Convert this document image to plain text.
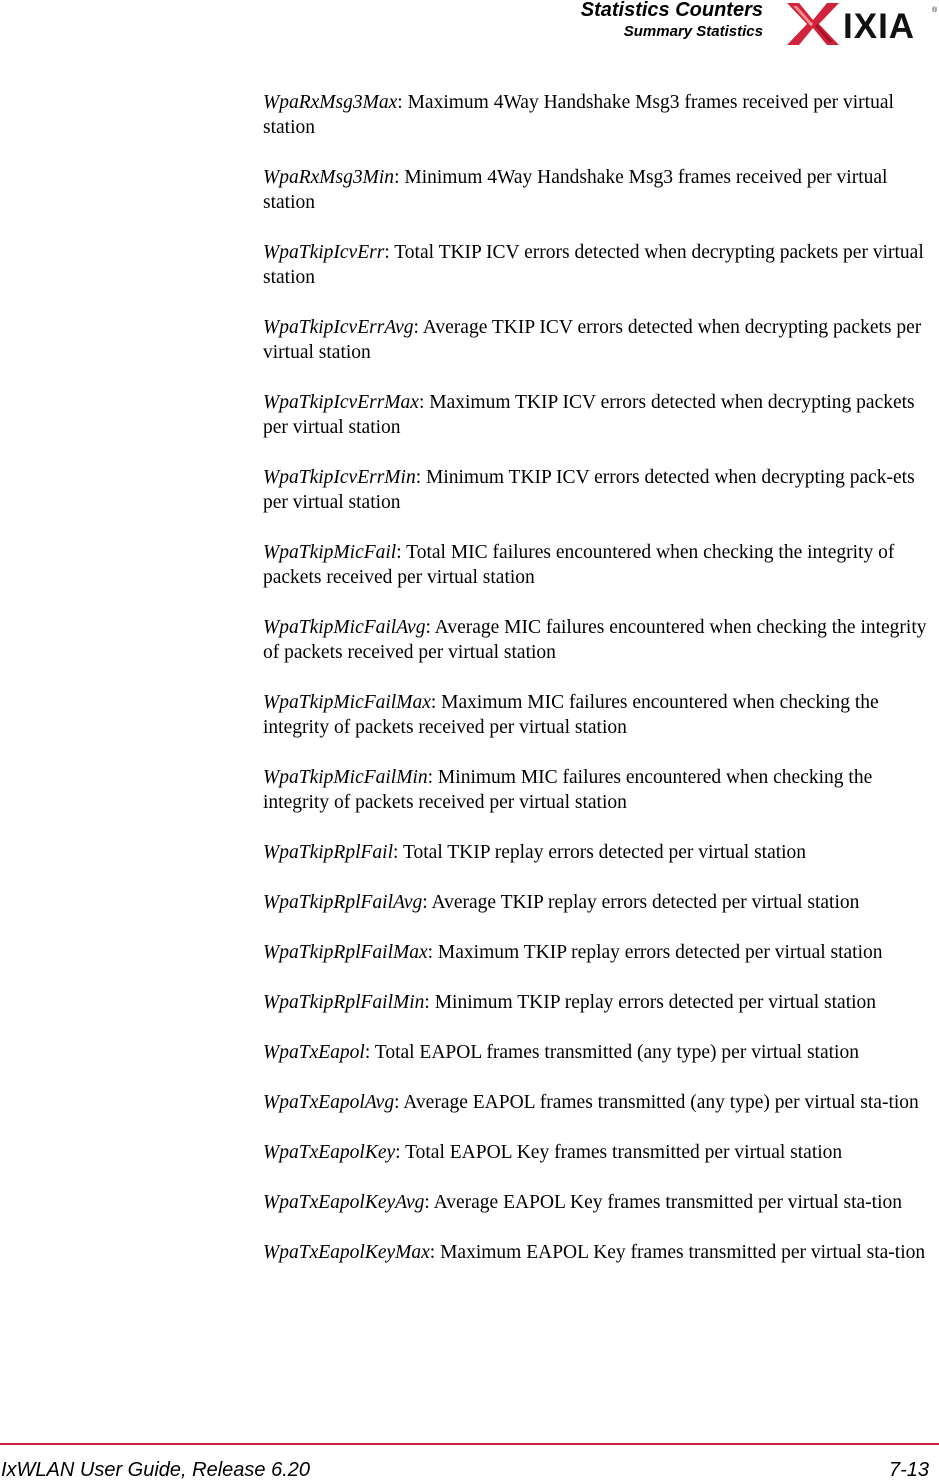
Statistics Counters
Summary Statistics IXIA ®

WpaRxMsg3Max: Maximum 4Way Handshake Msg3 frames received per virtual station

WpaRxMsg3Min: Minimum 4Way Handshake Msg3 frames received per virtual station

WpaTkipIcvErr: Total TKIP ICV errors detected when decrypting packets per virtual station

WpaTkipIcvErrAvg: Average TKIP ICV errors detected when decrypting packets per virtual station

WpaTkipIcvErrMax: Maximum TKIP ICV errors detected when decrypting packets per virtual station

WpaTkipIcvErrMin: Minimum TKIP ICV errors detected when decrypting pack-ets per virtual station

WpaTkipMicFail: Total MIC failures encountered when checking the integrity of packets received per virtual station

WpaTkipMicFailAvg: Average MIC failures encountered when checking the integrity of packets received per virtual station

WpaTkipMicFailMax: Maximum MIC failures encountered when checking the integrity of packets received per virtual station

WpaTkipMicFailMin: Minimum MIC failures encountered when checking the integrity of packets received per virtual station

WpaTkipRplFail: Total TKIP replay errors detected per virtual station

WpaTkipRplFailAvg: Average TKIP replay errors detected per virtual station

WpaTkipRplFailMax: Maximum TKIP replay errors detected per virtual station

WpaTkipRplFailMin: Minimum TKIP replay errors detected per virtual station

WpaTxEapol: Total EAPOL frames transmitted (any type) per virtual station

WpaTxEapolAvg: Average EAPOL frames transmitted (any type) per virtual sta-tion

WpaTxEapolKey: Total EAPOL Key frames transmitted per virtual station

WpaTxEapolKeyAvg: Average EAPOL Key frames transmitted per virtual sta-tion

WpaTxEapolKeyMax: Maximum EAPOL Key frames transmitted per virtual sta-tion

IxWLAN User Guide, Release 6.20	7-13
